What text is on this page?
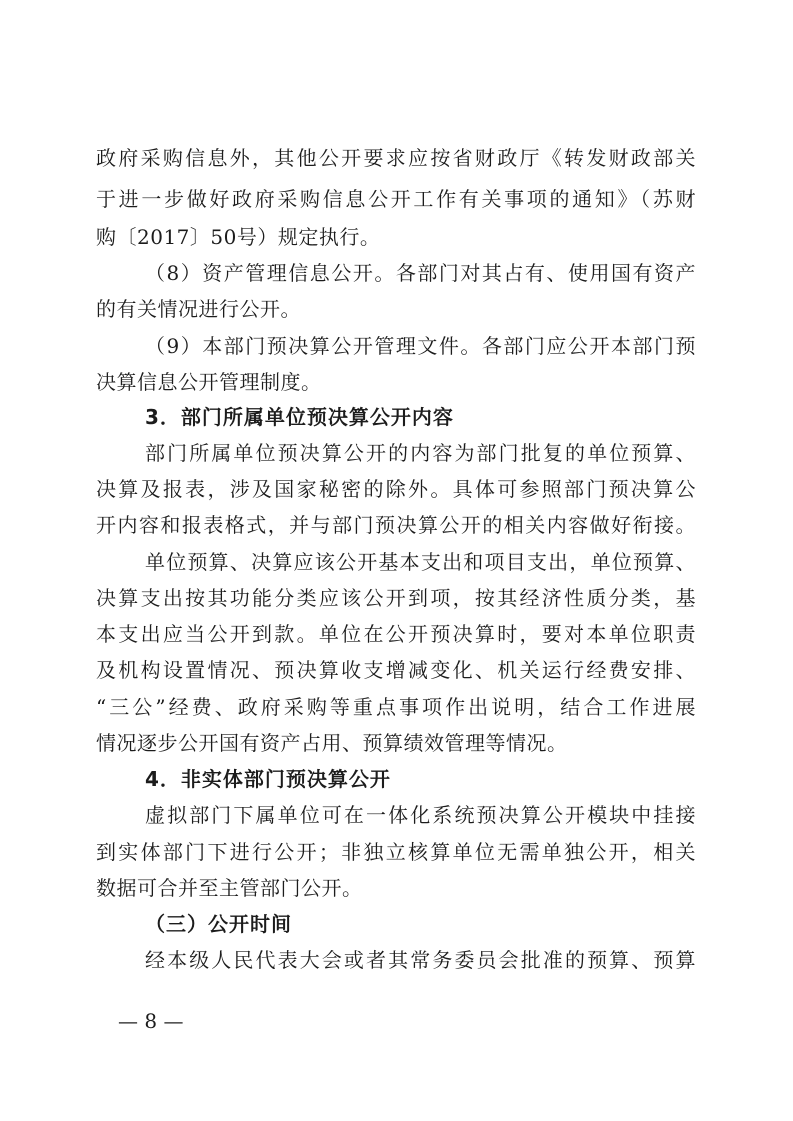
政府采购信息外，其他公开要求应按省财政厅《转发财政部关
于进一步做好政府采购信息公开工作有关事项的通知》（苏财
购〔2017〕50号）规定执行。
（8）资产管理信息公开。各部门对其占有、使用国有资产
的有关情况进行公开。
（9）本部门预决算公开管理文件。各部门应公开本部门预
决算信息公开管理制度。
3．部门所属单位预决算公开内容
部门所属单位预决算公开的内容为部门批复的单位预算、
决算及报表，涉及国家秘密的除外。具体可参照部门预决算公
开内容和报表格式，并与部门预决算公开的相关内容做好衔接。
单位预算、决算应该公开基本支出和项目支出，单位预算、
决算支出按其功能分类应该公开到项，按其经济性质分类，基
本支出应当公开到款。单位在公开预决算时，要对本单位职责
及机构设置情况、预决算收支增减变化、机关运行经费安排、
“三公”经费、政府采购等重点事项作出说明，结合工作进展
情况逐步公开国有资产占用、预算绩效管理等情况。
4．非实体部门预决算公开
虚拟部门下属单位可在一体化系统预决算公开模块中挂接
到实体部门下进行公开；非独立核算单位无需单独公开，相关
数据可合并至主管部门公开。
（三）公开时间
经本级人民代表大会或者其常务委员会批准的预算、预算
— 8 —
